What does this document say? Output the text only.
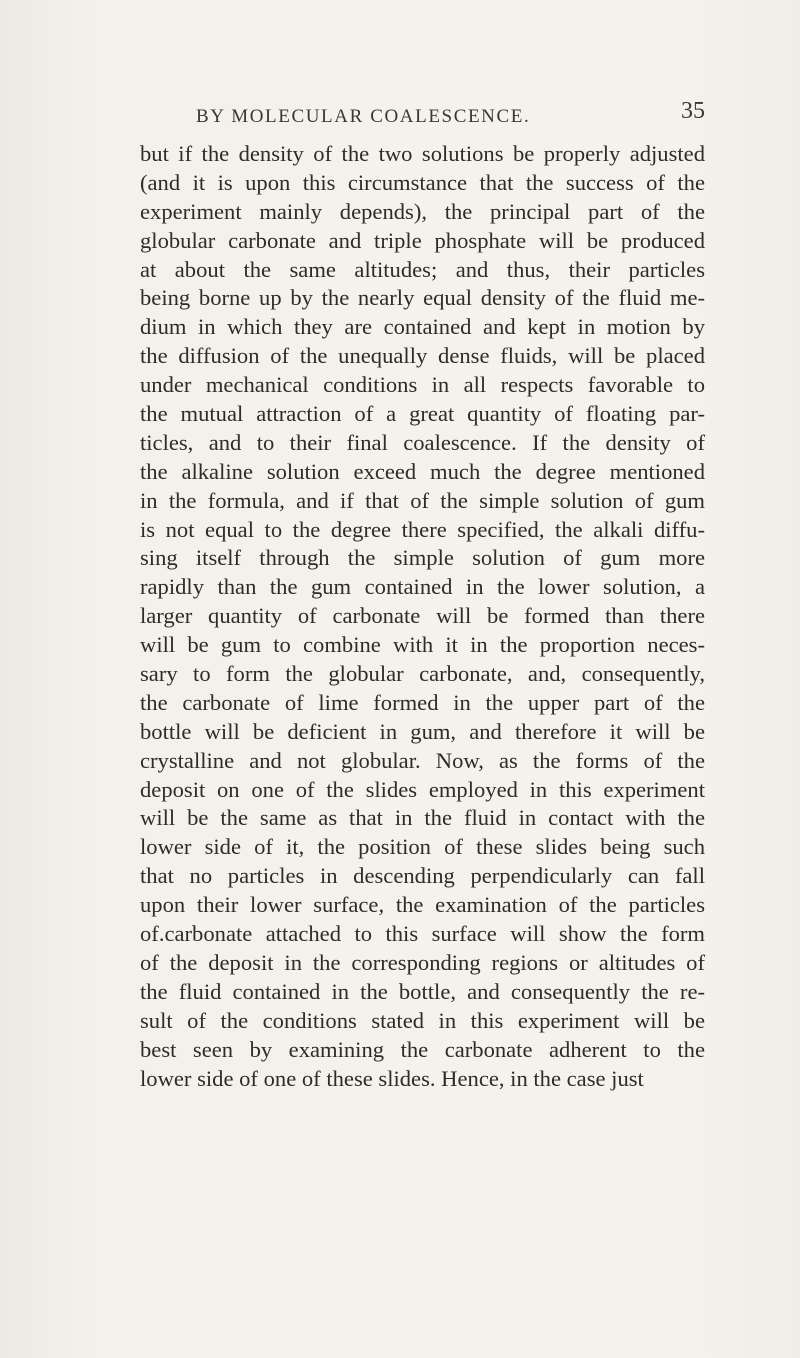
BY MOLECULAR COALESCENCE.	35
but if the density of the two solutions be properly adjusted
(and it is upon this circumstance that the success of the
experiment mainly depends), the principal part of the
globular carbonate and triple phosphate will be produced
at about the same altitudes; and thus, their particles
being borne up by the nearly equal density of the fluid me-
dium in which they are contained and kept in motion by
the diffusion of the unequally dense fluids, will be placed
under mechanical conditions in all respects favorable to
the mutual attraction of a great quantity of floating par-
ticles, and to their final coalescence. If the density of
the alkaline solution exceed much the degree mentioned
in the formula, and if that of the simple solution of gum
is not equal to the degree there specified, the alkali diffu-
sing itself through the simple solution of gum more
rapidly than the gum contained in the lower solution, a
larger quantity of carbonate will be formed than there
will be gum to combine with it in the proportion neces-
sary to form the globular carbonate, and, consequently,
the carbonate of lime formed in the upper part of the
bottle will be deficient in gum, and therefore it will be
crystalline and not globular. Now, as the forms of the
deposit on one of the slides employed in this experiment
will be the same as that in the fluid in contact with the
lower side of it, the position of these slides being such
that no particles in descending perpendicularly can fall
upon their lower surface, the examination of the particles
of.carbonate attached to this surface will show the form
of the deposit in the corresponding regions or altitudes of
the fluid contained in the bottle, and consequently the re-
sult of the conditions stated in this experiment will be
best seen by examining the carbonate adherent to the
lower side of one of these slides. Hence, in the case just
